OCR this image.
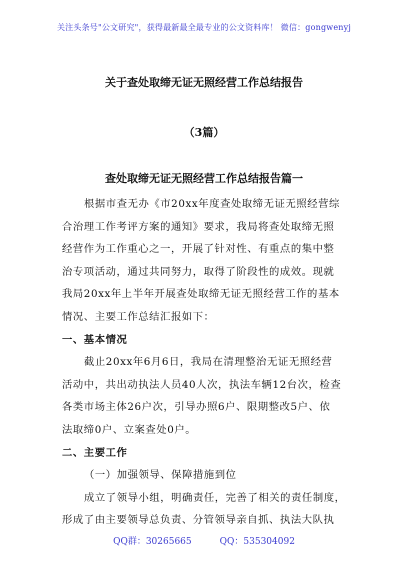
关注头条号"公文研究"，获得最新最全最专业的公文资料库！ 微信：gongwenyj
关于查处取缔无证无照经营工作总结报告
（3篇）
查处取缔无证无照经营工作总结报告篇一
根据市查无办《市20xx年度查处取缔无证无照经营综
合治理工作考评方案的通知》要求，我局将查处取缔无照
经营作为工作重心之一，开展了针对性、有重点的集中整
治专项活动，通过共同努力，取得了阶段性的成效。现就
我局20xx年上半年开展查处取缔无证无照经营工作的基本
情况、主要工作总结汇报如下：
一、基本情况
截止20xx年6月6日，我局在清理整治无证无照经营
活动中，共出动执法人员40人次，执法车辆12台次，检查
各类市场主体26户次，引导办照6户、限期整改5户、依
法取缔0户、立案查处0户。
二、主要工作
（一）加强领导、保障措施到位
成立了领导小组，明确责任，完善了相关的责任制度，
形成了由主要领导总负责、分管领导亲自抓、执法大队执
QQ群：30265665	QQ：535304092
